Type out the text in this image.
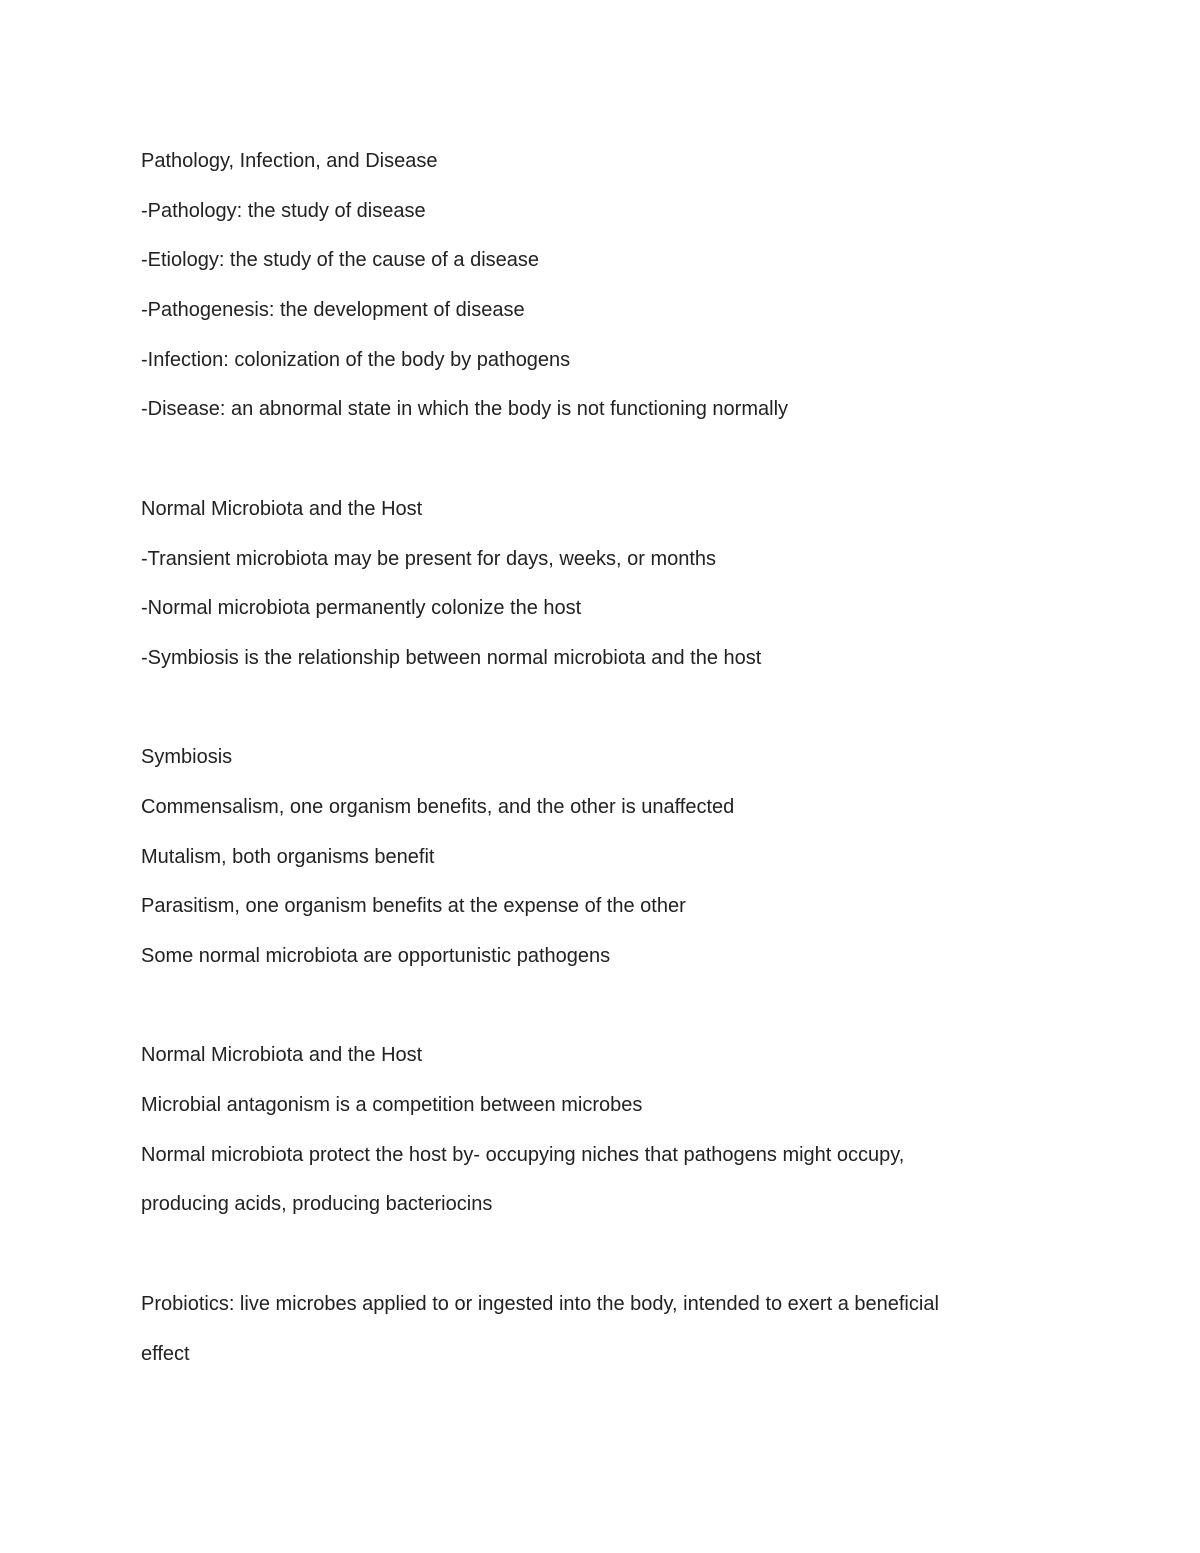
Pathology, Infection, and Disease

-Pathology: the study of disease

-Etiology: the study of the cause of a disease

-Pathogenesis: the development of disease

-Infection: colonization of the body by pathogens

-Disease: an abnormal state in which the body is not functioning normally

Normal Microbiota and the Host

-Transient microbiota may be present for days, weeks, or months

-Normal microbiota permanently colonize the host

-Symbiosis is the relationship between normal microbiota and the host

Symbiosis

Commensalism, one organism benefits, and the other is unaffected

Mutalism, both organisms benefit

Parasitism, one organism benefits at the expense of the other

Some normal microbiota are opportunistic pathogens

Normal Microbiota and the Host

Microbial antagonism is a competition between microbes

Normal microbiota protect the host by- occupying niches that pathogens might occupy,

producing acids, producing bacteriocins

Probiotics: live microbes applied to or ingested into the body, intended to exert a beneficial

effect
